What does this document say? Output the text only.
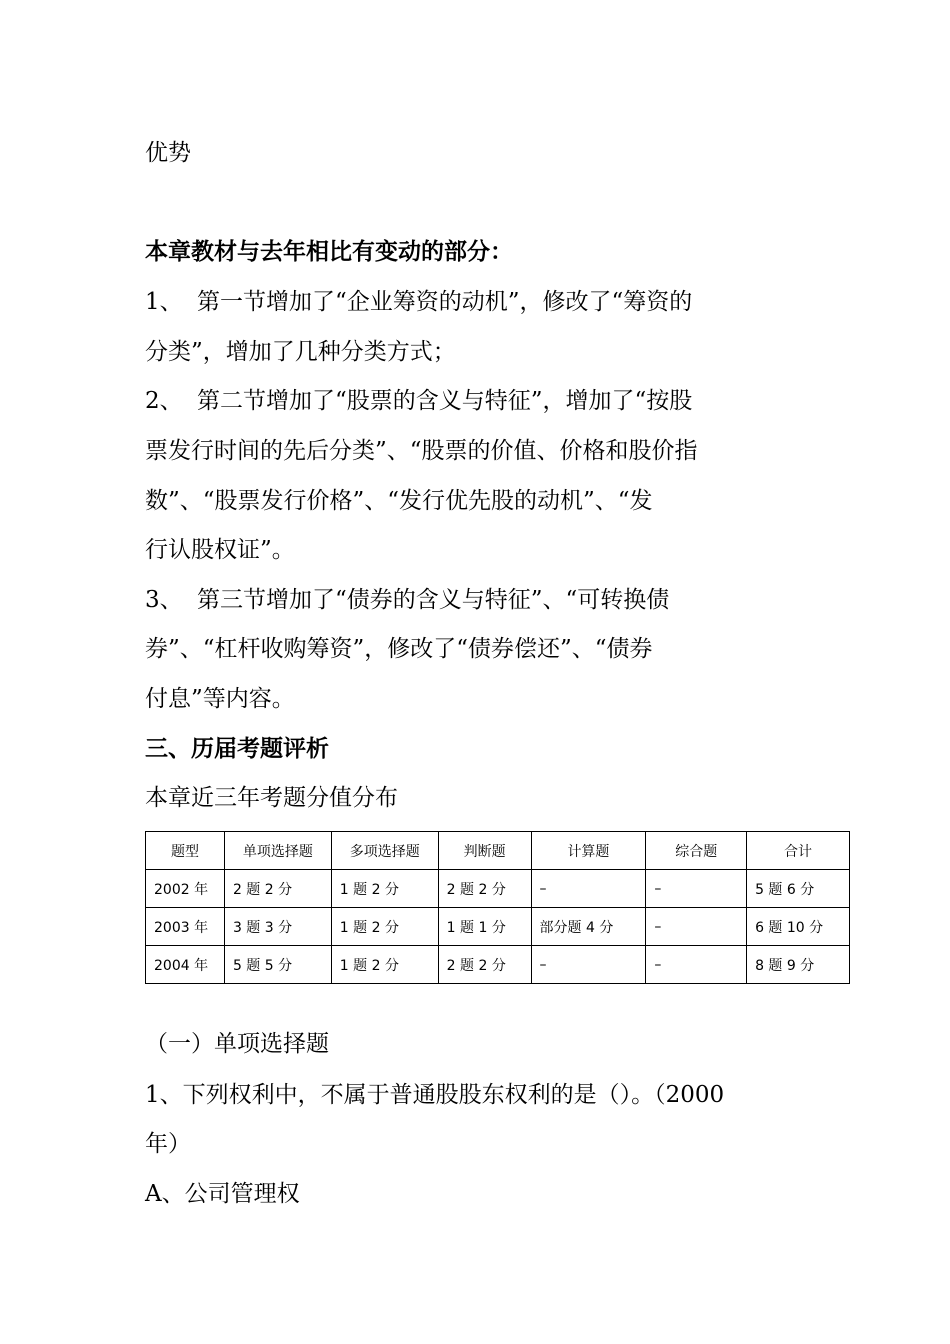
优势
本章教材与去年相比有变动的部分：
1、 第一节增加了“企业筹资的动机”，修改了“筹资的
分类”，增加了几种分类方式；
2、 第二节增加了“股票的含义与特征”，增加了“按股
票发行时间的先后分类”、“股票的价值、价格和股价指
数”、“股票发行价格”、“发行优先股的动机”、“发
行认股权证”。
3、 第三节增加了“债券的含义与特征”、“可转换债
券”、“杠杆收购筹资”，修改了“债券偿还”、“债券
付息”等内容。
三、历届考题评析
本章近三年考题分值分布
题型	单项选择题	多项选择题	判断题	计算题	综合题	合计
2002 年	2 题 2 分	1 题 2 分	2 题 2 分	–	–	5 题 6 分
2003 年	3 题 3 分	1 题 2 分	1 题 1 分	部分题 4 分	–	6 题 10 分
2004 年	5 题 5 分	1 题 2 分	2 题 2 分	–	–	8 题 9 分
（一）单项选择题
1、下列权利中，不属于普通股股东权利的是（）。（2000
年）
A、公司管理权
